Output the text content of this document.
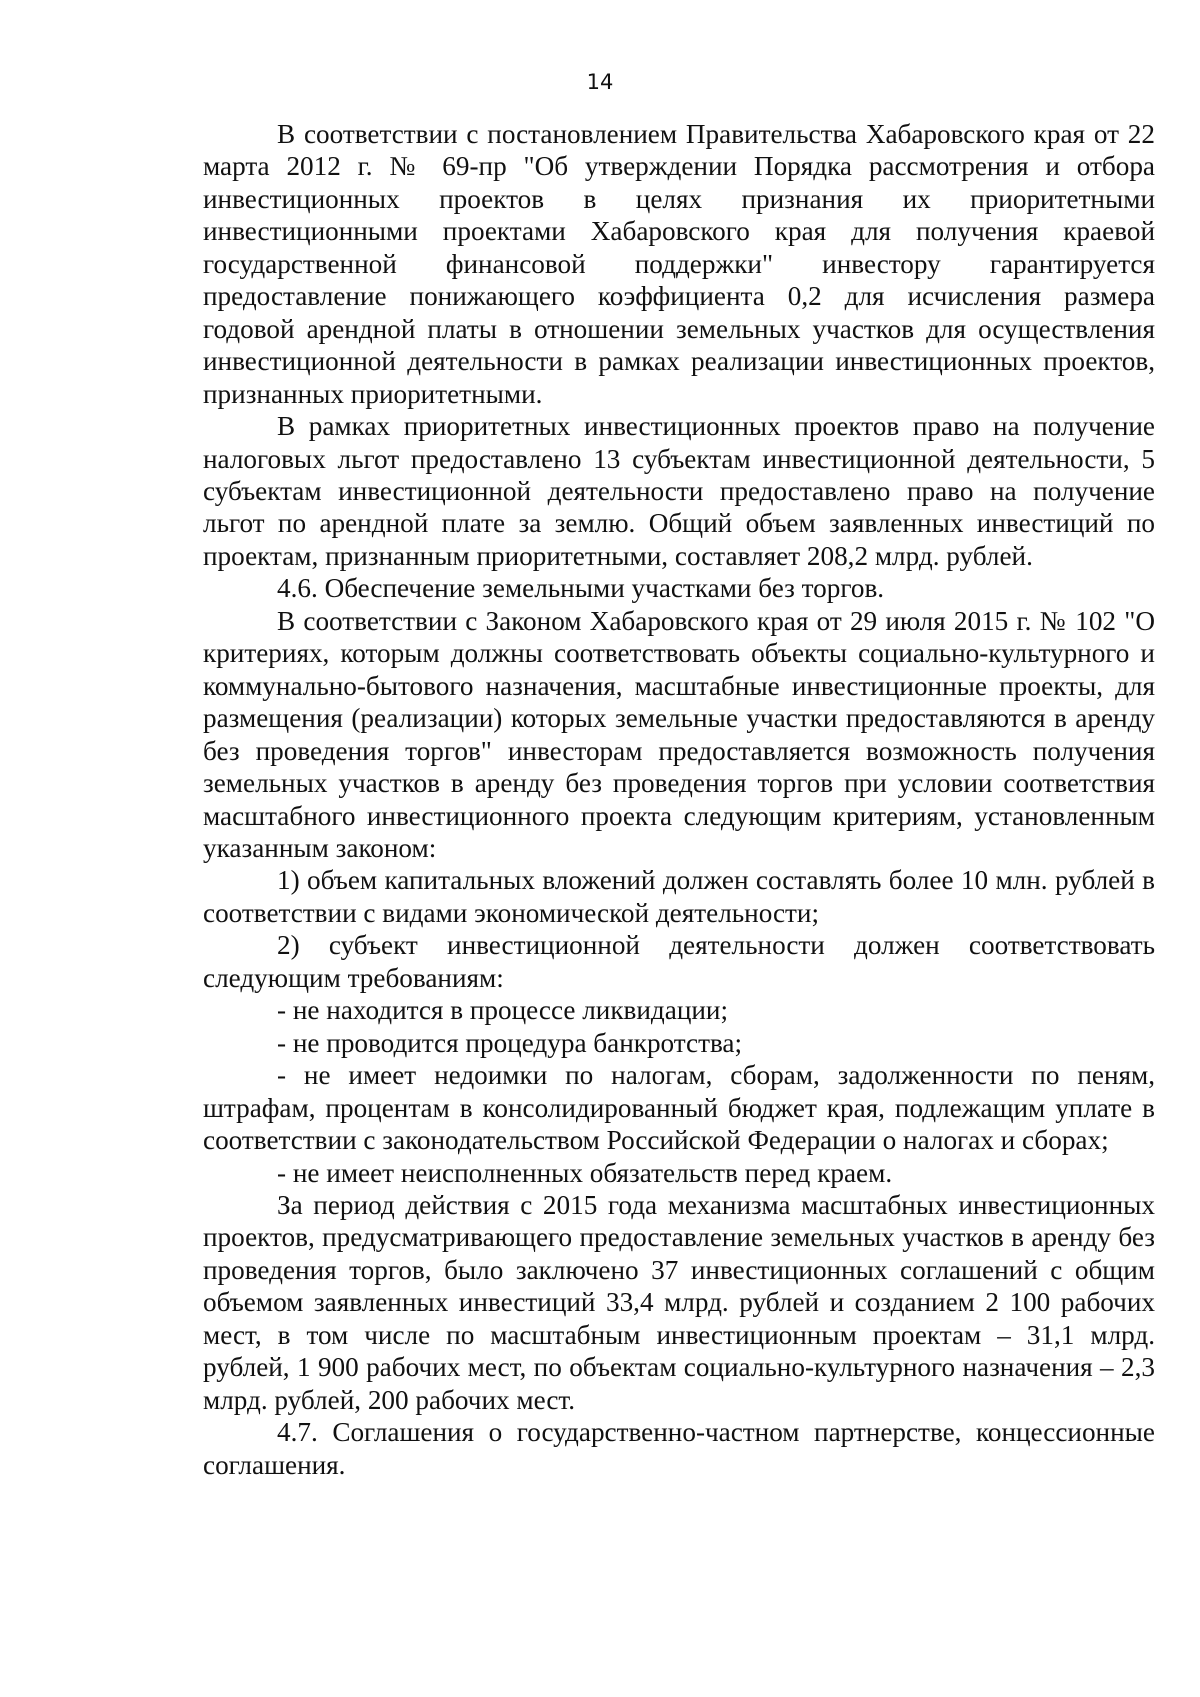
14

В соответствии с постановлением Правительства Хабаровского края от 22 марта 2012 г. № 69-пр "Об утверждении Порядка рассмотрения и отбора инвестиционных проектов в целях признания их приоритетными инвестиционными проектами Хабаровского края для получения краевой государственной финансовой поддержки" инвестору гарантируется предоставление понижающего коэффициента 0,2 для исчисления размера годовой арендной платы в отношении земельных участков для осуществления инвестиционной деятельности в рамках реализации инвестиционных проектов, признанных приоритетными.

В рамках приоритетных инвестиционных проектов право на получение налоговых льгот предоставлено 13 субъектам инвестиционной деятельности, 5 субъектам инвестиционной деятельности предоставлено право на получение льгот по арендной плате за землю. Общий объем заявленных инвестиций по проектам, признанным приоритетными, составляет 208,2 млрд. рублей.

4.6. Обеспечение земельными участками без торгов.

В соответствии с Законом Хабаровского края от 29 июля 2015 г. № 102 "О критериях, которым должны соответствовать объекты социально-культурного и коммунально-бытового назначения, масштабные инвестиционные проекты, для размещения (реализации) которых земельные участки предоставляются в аренду без проведения торгов" инвесторам предоставляется возможность получения земельных участков в аренду без проведения торгов при условии соответствия масштабного инвестиционного проекта следующим критериям, установленным указанным законом:

1) объем капитальных вложений должен составлять более 10 млн. рублей в соответствии с видами экономической деятельности;

2) субъект инвестиционной деятельности должен соответствовать следующим требованиям:

- не находится в процессе ликвидации;

- не проводится процедура банкротства;

- не имеет недоимки по налогам, сборам, задолженности по пеням, штрафам, процентам в консолидированный бюджет края, подлежащим уплате в соответствии с законодательством Российской Федерации о налогах и сборах;

- не имеет неисполненных обязательств перед краем.

За период действия с 2015 года механизма масштабных инвестиционных проектов, предусматривающего предоставление земельных участков в аренду без проведения торгов, было заключено 37 инвестиционных соглашений с общим объемом заявленных инвестиций 33,4 млрд. рублей и созданием 2 100 рабочих мест, в том числе по масштабным инвестиционным проектам – 31,1 млрд. рублей, 1 900 рабочих мест, по объектам социально-культурного назначения – 2,3 млрд. рублей, 200 рабочих мест.

4.7. Соглашения о государственно-частном партнерстве, концессионные соглашения.
